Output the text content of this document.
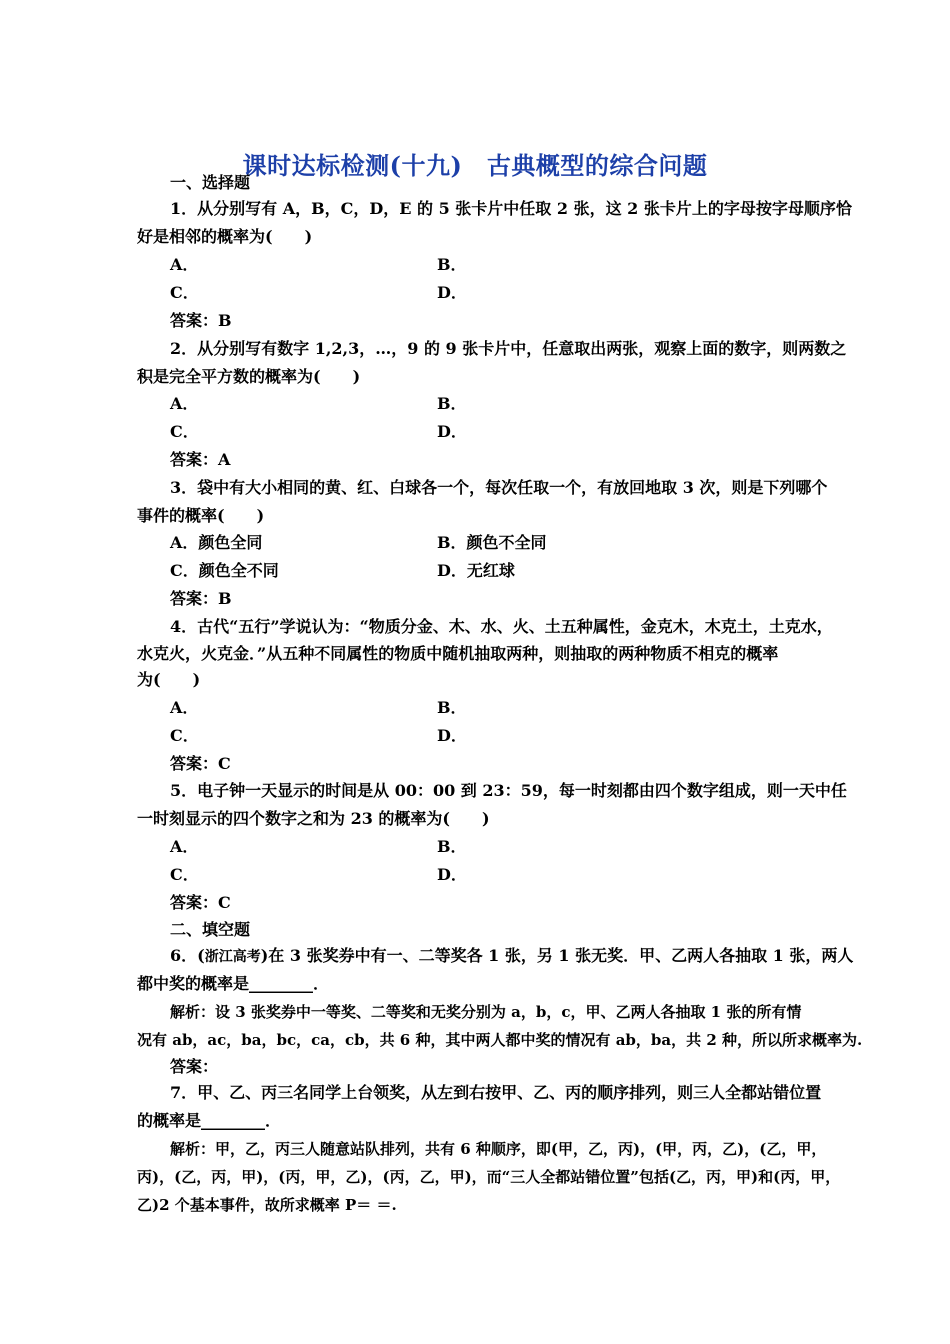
课时达标检测(十九)　古典概型的综合问题
一、选择题
1．从分别写有 A，B，C，D，E 的 5 张卡片中任取 2 张，这 2 张卡片上的字母按字母顺序恰
好是相邻的概率为(　　)
A．	B．
C．	D．
答案：B
2．从分别写有数字 1,2,3，…，9 的 9 张卡片中，任意取出两张，观察上面的数字，则两数之
积是完全平方数的概率为(　　)
A．	B．
C．	D．
答案：A
3．袋中有大小相同的黄、红、白球各一个，每次任取一个，有放回地取 3 次，则是下列哪个
事件的概率(　　)
A．颜色全同	B．颜色不全同
C．颜色全不同	D．无红球
答案：B
4．古代“五行”学说认为：“物质分金、木、水、火、土五种属性，金克木，木克土，土克水，
水克火，火克金．”从五种不同属性的物质中随机抽取两种，则抽取的两种物质不相克的概率
为(　　)
A．	B．
C．	D．
答案：C
5．电子钟一天显示的时间是从 00：00 到 23：59，每一时刻都由四个数字组成，则一天中任
一时刻显示的四个数字之和为 23 的概率为(　　)
A．	B．
C．	D．
答案：C
二、填空题
6．(浙江高考)在 3 张奖券中有一、二等奖各 1 张，另 1 张无奖．甲、乙两人各抽取 1 张，两人
都中奖的概率是________．
解析：设 3 张奖券中一等奖、二等奖和无奖分别为 a，b，c，甲、乙两人各抽取 1 张的所有情
况有 ab，ac，ba，bc，ca，cb，共 6 种，其中两人都中奖的情况有 ab，ba，共 2 种，所以所求概率为.
答案：
7．甲、乙、丙三名同学上台领奖，从左到右按甲、乙、丙的顺序排列，则三人全都站错位置
的概率是________．
解析：甲，乙，丙三人随意站队排列，共有 6 种顺序，即(甲，乙，丙)，(甲，丙，乙)，(乙，甲，
丙)，(乙，丙，甲)，(丙，甲，乙)，(丙，乙，甲)，而“三人全都站错位置”包括(乙，丙，甲)和(丙，甲，
乙)2 个基本事件，故所求概率 P＝ ＝.
